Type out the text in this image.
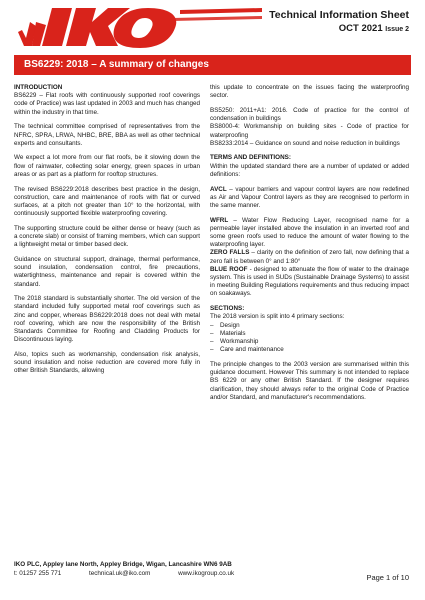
Technical Information Sheet
OCT 2021 Issue 2
BS6229: 2018 – A summary of changes
INTRODUCTION

BS6229 – Flat roofs with continuously supported roof coverings code of Practice) was last updated in 2003 and much has changed within the industry in that time.

The technical committee comprised of representatives from the NFRC, SPRA, LRWA, NHBC, BRE, BBA as well as other technical experts and consultants.

We expect a lot more from our flat roofs, be it slowing down the flow of rainwater, collecting solar energy, green spaces in urban areas or as part as a platform for rooftop structures.

The revised BS6229:2018 describes best practice in the design, construction, care and maintenance of roofs with flat or curved surfaces, at a pitch not greater than 10° to the horizontal, with continuously supported flexible waterproofing covering.

The supporting structure could be either dense or heavy (such as a concrete slab) or consist of framing members, which can support a lightweight metal or timber based deck.

Guidance on structural support, drainage, thermal performance, sound insulation, condensation control, fire precautions, watertightness, maintenance and repair is covered within the standard.

The 2018 standard is substantially shorter. The old version of the standard included fully supported metal roof coverings such as zinc and copper, whereas BS6229:2018 does not deal with metal roof covering, which are now the responsibility of the British Standards Committee for Roofing and Cladding Products for Discontinuous laying.

Also, topics such as workmanship, condensation risk analysis, sound insulation and noise reduction are covered more fully in other British Standards, allowing

this update to concentrate on the issues facing the waterproofing sector.

BS5250: 2011+A1: 2016. Code of practice for the control of condensation in buildings

BS8000-4: Workmanship on building sites - Code of practice for waterproofing

BS8233:2014 – Guidance on sound and noise reduction in buildings

TERMS AND DEFINITIONS:

Within the updated standard there are a number of updated or added definitions:

AVCL – vapour barriers and vapour control layers are now redefined as Air and Vapour Control layers as they are recognised to perform in the same manner.

WFRL – Water Flow Reducing Layer, recognised name for a permeable layer installed above the insulation in an inverted roof and some green roofs used to reduce the amount of water flowing to the waterproofing layer.

ZERO FALLS – clarity on the definition of zero fall, now defining that a zero fall is between 0° and 1:80°

BLUE ROOF - designed to attenuate the flow of water to the drainage system. This is used in SUDs (Sustainable Drainage Systems) to assist in meeting Building Regulations requirements and thus reducing impact on soakaways.

SECTIONS:

The 2018 version is split into 4 primary sections:

– Design
– Materials
– Workmanship
– Care and maintenance

The principle changes to the 2003 version are summarised within this guidance document. However This summary is not intended to replace BS 6229 or any other British Standard. If the designer requires clarification, they should always refer to the original Code of Practice and/or Standard, and manufacturer's recommendations.

IKO PLC, Appley lane North, Appley Bridge, Wigan, Lancashire WN6 9AB
t: 01257 255 771	technical.uk@iko.com	www.ikogroup.co.uk	Page 1 of 10
